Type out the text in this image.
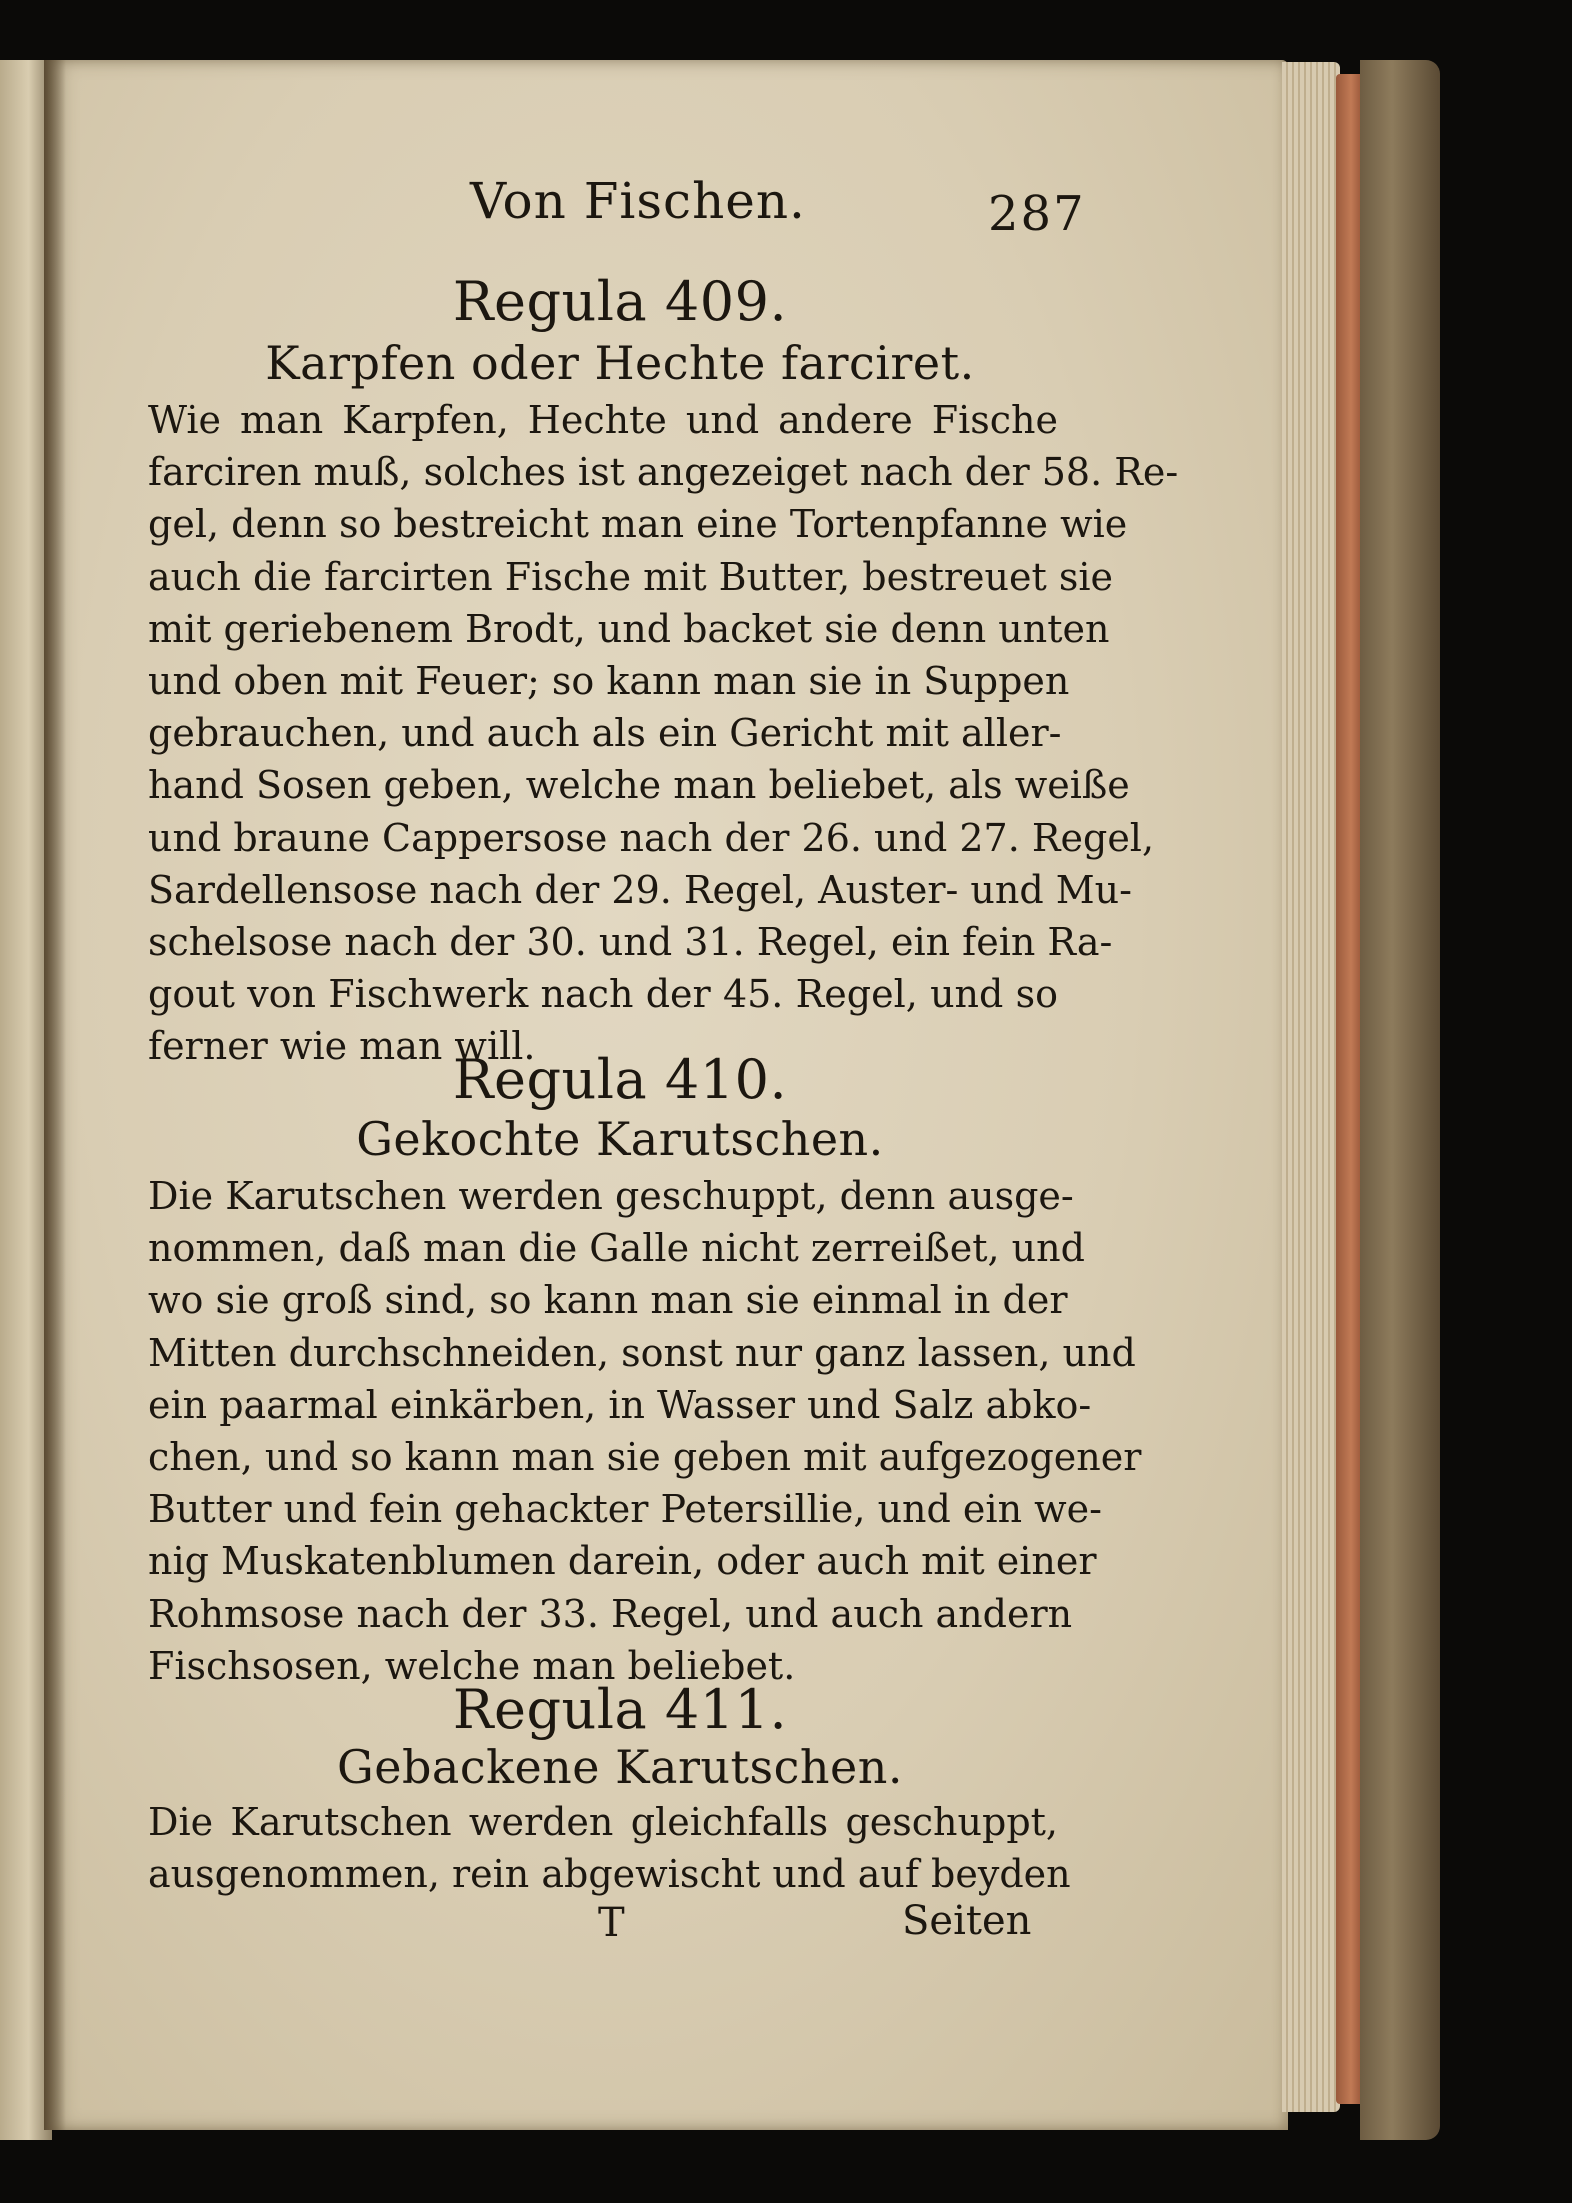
Von Fischen.	287
Regula 409.
Karpfen oder Hechte farciret.
Wie man Karpfen, Hechte und andere Fische
farciren muß, solches ist angezeiget nach der 58. Re-
gel, denn so bestreicht man eine Tortenpfanne wie
auch die farcirten Fische mit Butter, bestreuet sie
mit geriebenem Brodt, und backet sie denn unten
und oben mit Feuer; so kann man sie in Suppen
gebrauchen, und auch als ein Gericht mit aller-
hand Sosen geben, welche man beliebet, als weiße
und braune Cappersose nach der 26. und 27. Regel,
Sardellensose nach der 29. Regel, Auster- und Mu-
schelsose nach der 30. und 31. Regel, ein fein Ra-
gout von Fischwerk nach der 45. Regel, und so
ferner wie man will.
Regula 410.
Gekochte Karutschen.
Die Karutschen werden geschuppt, denn ausge-
nommen, daß man die Galle nicht zerreißet, und
wo sie groß sind, so kann man sie einmal in der
Mitten durchschneiden, sonst nur ganz lassen, und
ein paarmal einkärben, in Wasser und Salz abko-
chen, und so kann man sie geben mit aufgezogener
Butter und fein gehackter Petersillie, und ein we-
nig Muskatenblumen darein, oder auch mit einer
Rohmsose nach der 33. Regel, und auch andern
Fischsosen, welche man beliebet.
Regula 411.
Gebackene Karutschen.
Die Karutschen werden gleichfalls geschuppt,
ausgenommen, rein abgewischt und auf beyden
T	Seiten
